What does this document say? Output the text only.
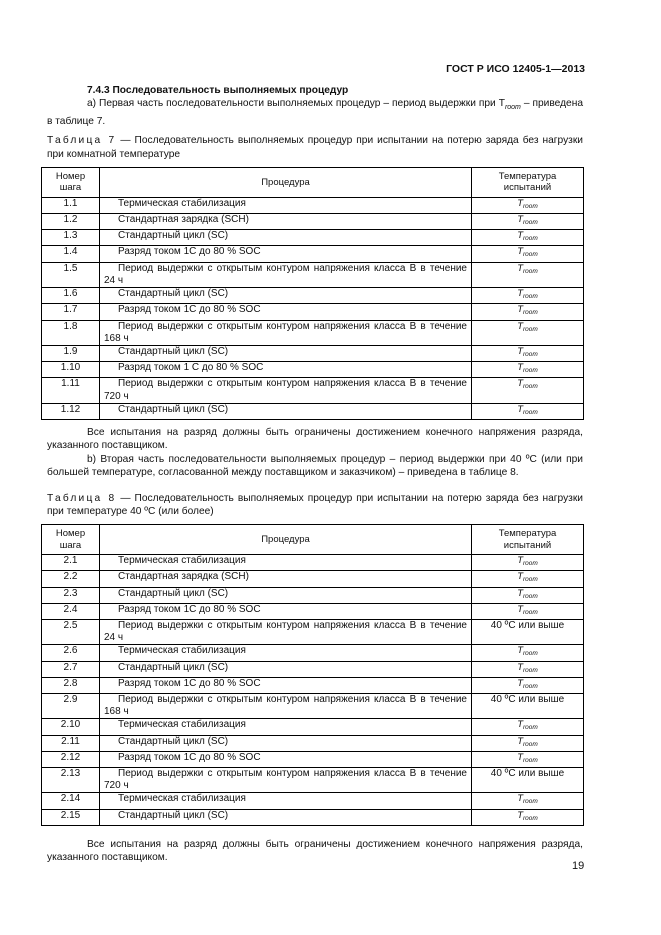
ГОСТ Р ИСО 12405-1—2013

7.4.3 Последовательность выполняемых процедур

а) Первая часть последовательности выполняемых процедур – период выдержки при $T_{room}$ – приведена в таблице 7.

Таблица 7 — Последовательность выполняемых процедур при испытании на потерю заряда без нагрузки при комнатной температуре

Номер шага	Процедура	Температура испытаний
1.1	Термическая стабилизация	$T_{room}$
1.2	Стандартная зарядка (SCH)	$T_{room}$
1.3	Стандартный цикл (SC)	$T_{room}$
1.4	Разряд током 1C до 80 % SOC	$T_{room}$
1.5	Период выдержки с открытым контуром напряжения класса В в течение 24 ч	$T_{room}$
1.6	Стандартный цикл (SC)	$T_{room}$
1.7	Разряд током 1C до 80 % SOC	$T_{room}$
1.8	Период выдержки с открытым контуром напряжения класса В в течение 168 ч	$T_{room}$
1.9	Стандартный цикл (SC)	$T_{room}$
1.10	Разряд током 1 C до 80 % SOC	$T_{room}$
1.11	Период выдержки с открытым контуром напряжения класса В в течение 720 ч	$T_{room}$
1.12	Стандартный цикл (SC)	$T_{room}$

Все испытания на разряд должны быть ограничены достижением конечного напряжения разряда, указанного поставщиком.

b) Вторая часть последовательности выполняемых процедур – период выдержки при 40 ºС (или при большей температуре, согласованной между поставщиком и заказчиком) – приведена в таблице 8.

Таблица 8 — Последовательность выполняемых процедур при испытании на потерю заряда без нагрузки при температуре 40 ºС (или более)

Номер шага	Процедура	Температура испытаний
2.1	Термическая стабилизация	$T_{room}$
2.2	Стандартная зарядка (SCH)	$T_{room}$
2.3	Стандартный цикл (SC)	$T_{room}$
2.4	Разряд током 1C до 80 % SOC	$T_{room}$
2.5	Период выдержки с открытым контуром напряжения класса В в течение 24 ч	40 ºС или выше
2.6	Термическая стабилизация	$T_{room}$
2.7	Стандартный цикл (SC)	$T_{room}$
2.8	Разряд током 1C до 80 % SOC	$T_{room}$
2.9	Период выдержки с открытым контуром напряжения класса В в течение 168 ч	40 ºС или выше
2.10	Термическая стабилизация	$T_{room}$
2.11	Стандартный цикл (SC)	$T_{room}$
2.12	Разряд током 1C до 80 % SOC	$T_{room}$
2.13	Период выдержки с открытым контуром напряжения класса В в течение 720 ч	40 ºС или выше
2.14	Термическая стабилизация	$T_{room}$
2.15	Стандартный цикл (SC)	$T_{room}$

Все испытания на разряд должны быть ограничены достижением конечного напряжения разряда, указанного поставщиком.

19
